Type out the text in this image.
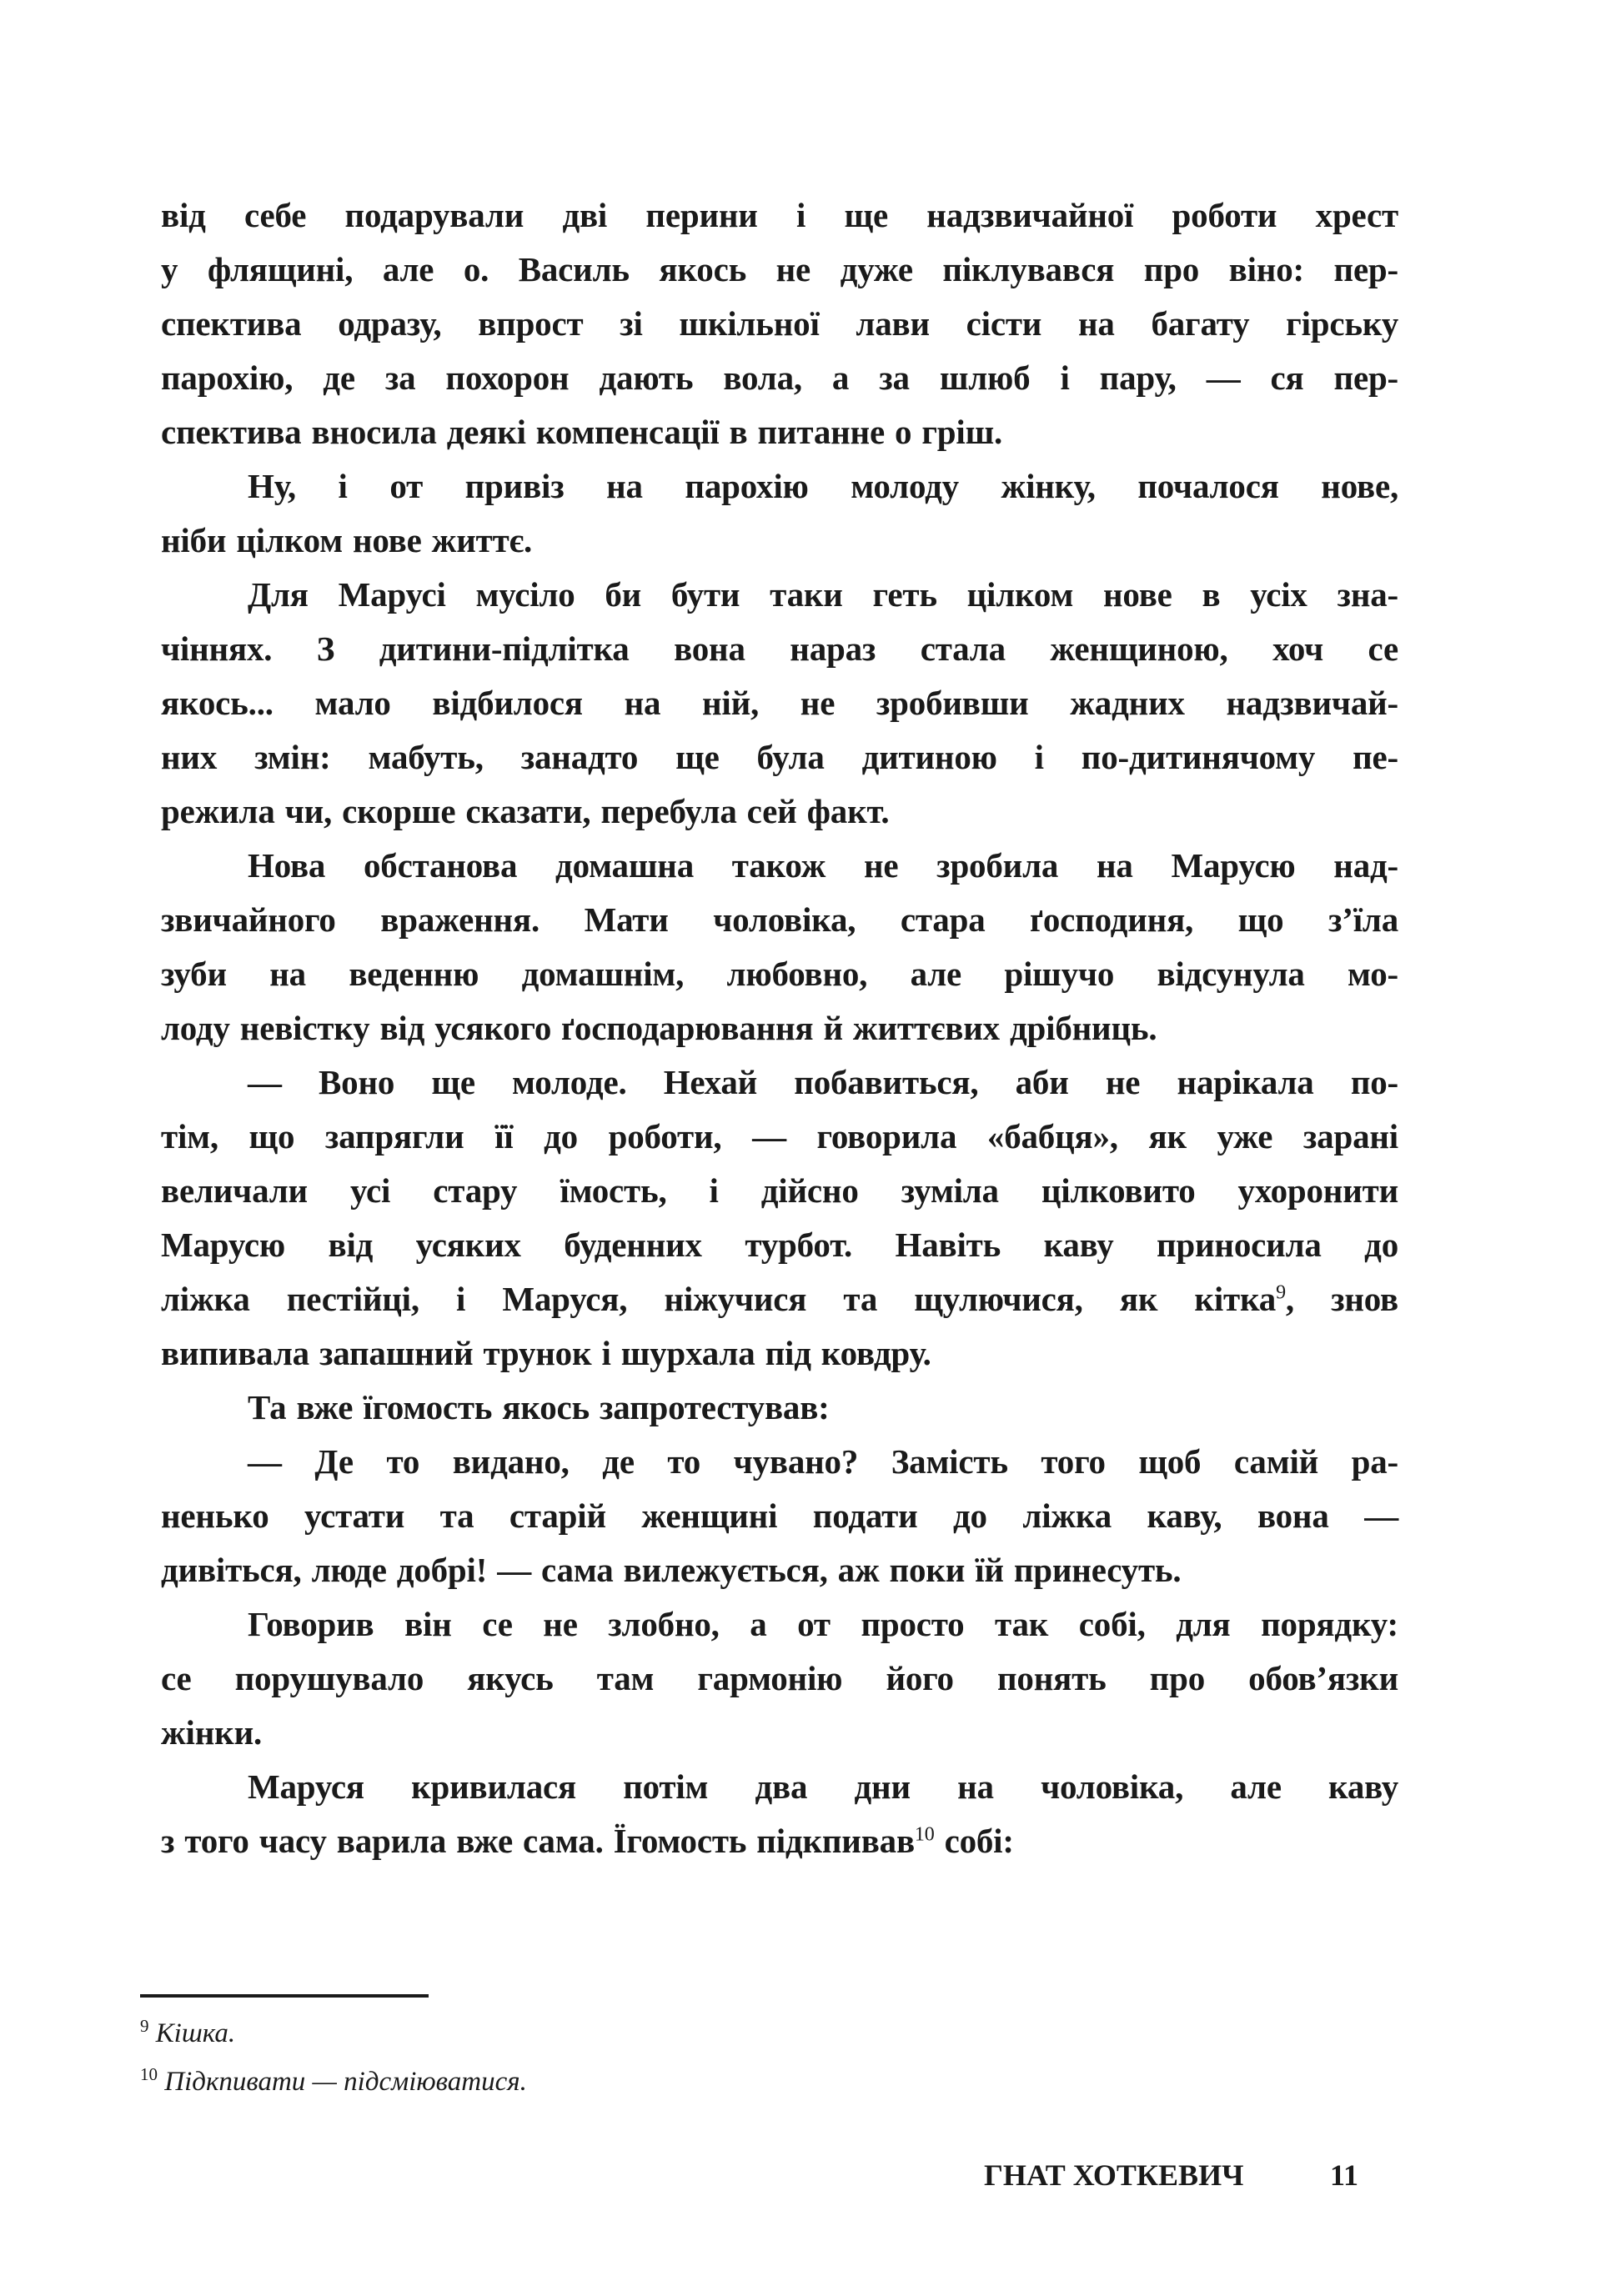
від себе подарували дві перини і ще надзвичайної роботи хрест
у флящині, але о. Василь якось не дуже піклувався про віно: пер-
спектива одразу, впрост зі шкільної лави сісти на багату гірську
парохію, де за похорон дають вола, а за шлюб і пару, — ся пер-
спектива вносила деякі компенсації в питанне о гріш.
Ну, і от привіз на парохію молоду жінку, почалося нове,
ніби цілком нове життє.
Для Марусі мусіло би бути таки геть цілком нове в усіх зна-
чіннях. З дитини-підлітка вона нараз стала женщиною, хоч се
якось... мало відбилося на ній, не зробивши жадних надзвичай-
них змін: мабуть, занадто ще була дитиною і по-дитинячому пе-
режила чи, скорше сказати, перебула сей факт.
Нова обстанова домашна також не зробила на Марусю над-
звичайного враження. Мати чоловіка, стара ґосподиня, що з’їла
зуби на веденню домашнім, любовно, але рішучо відсунула мо-
лоду невістку від усякого ґосподарювання й життєвих дрібниць.
— Воно ще молоде. Нехай побавиться, аби не нарікала по-
тім, що запрягли її до роботи, — говорила «бабця», як уже зарані
величали усі стару їмость, і дійсно зуміла цілковито ухоронити
Марусю від усяких буденних турбот. Навіть каву приносила до
ліжка пестійці, і Маруся, ніжучися та щулючися, як кітка$^9$, знов
випивала запашний трунок і шурхала під ковдру.
Та вже їгомость якось запротестував:
— Де то видано, де то чувано? Замість того щоб самій ра-
ненько устати та старій женщині подати до ліжка каву, вона —
дивіться, люде добрі! — сама вилежується, аж поки їй принесуть.
Говорив він се не злобно, а от просто так собі, для порядку:
се порушувало якусь там гармонію його понять про обов’язки
жінки.
Маруся кривилася потім два дни на чоловіка, але каву
з того часу варила вже сама. Їгомость підкпивав$^{10}$ собі:
$^9$ Кішка.
$^{10}$ Підкпивати — підсміюватися.
ГНАТ ХОТКЕВИЧ	11
